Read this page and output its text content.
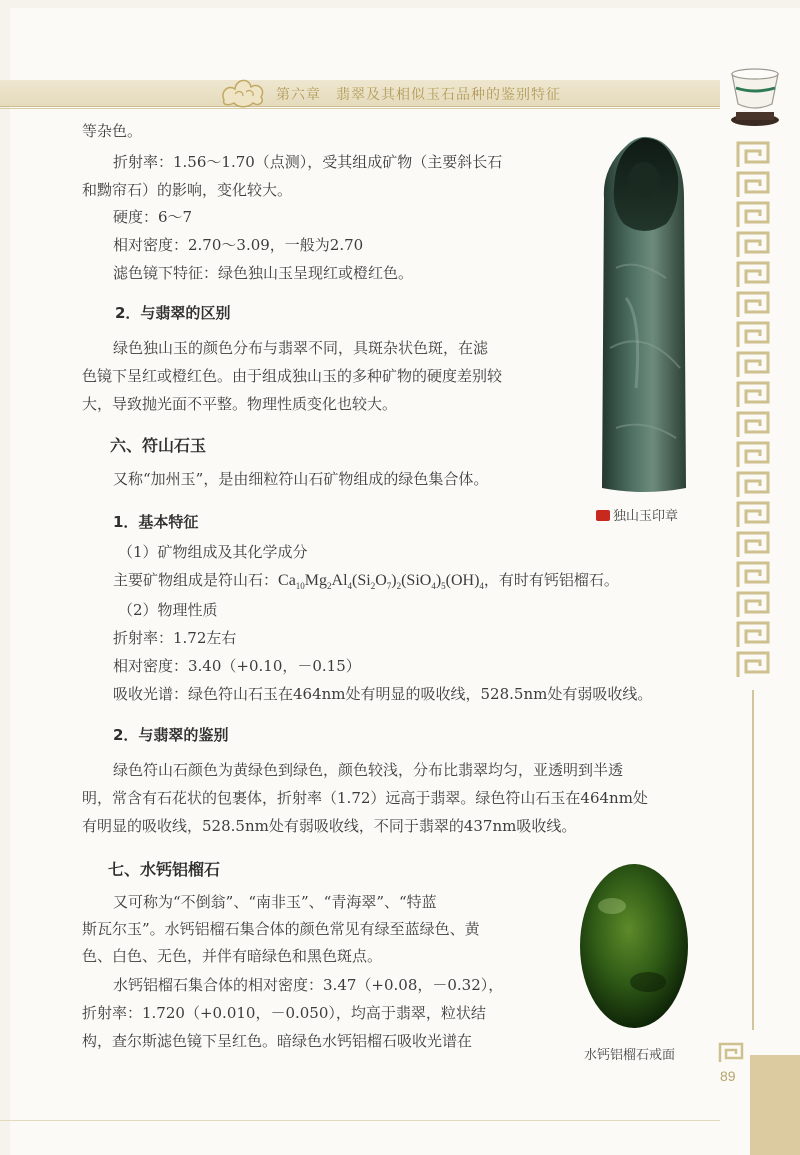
第六章　翡翠及其相似玉石品种的鉴别特征
89
等杂色。
折射率：1.56～1.70（点测），受其组成矿物（主要斜长石
和黝帘石）的影响，变化较大。
硬度：6～7
相对密度：2.70～3.09，一般为2.70
滤色镜下特征：绿色独山玉呈现红或橙红色。
2．与翡翠的区别
绿色独山玉的颜色分布与翡翠不同，具斑杂状色斑，在滤
色镜下呈红或橙红色。由于组成独山玉的多种矿物的硬度差别较
大，导致抛光面不平整。物理性质变化也较大。
六、符山石玉
又称“加州玉”，是由细粒符山石矿物组成的绿色集合体。
1．基本特征	独山玉印章
（1）矿物组成及其化学成分
主要矿物组成是符山石：$Ca_{10}Mg_2Al_4(Si_2O_7)_2(SiO_4)_5(OH)_4$，有时有钙铝榴石。
（2）物理性质
折射率：1.72左右
相对密度：3.40（+0.10，－0.15）
吸收光谱：绿色符山石玉在464nm处有明显的吸收线，528.5nm处有弱吸收线。
2．与翡翠的鉴别
绿色符山石颜色为黄绿色到绿色，颜色较浅，分布比翡翠均匀，亚透明到半透
明，常含有石花状的包裹体，折射率（1.72）远高于翡翠。绿色符山石玉在464nm处
有明显的吸收线，528.5nm处有弱吸收线，不同于翡翠的437nm吸收线。
七、水钙铝榴石
又可称为“不倒翁”、“南非玉”、“青海翠”、“特蓝
斯瓦尔玉”。水钙铝榴石集合体的颜色常见有绿至蓝绿色、黄
色、白色、无色，并伴有暗绿色和黑色斑点。
水钙铝榴石集合体的相对密度：3.47（+0.08，－0.32），
折射率：1.720（+0.010，－0.050），均高于翡翠，粒状结
构，查尔斯滤色镜下呈红色。暗绿色水钙铝榴石吸收光谱在
水钙铝榴石戒面
